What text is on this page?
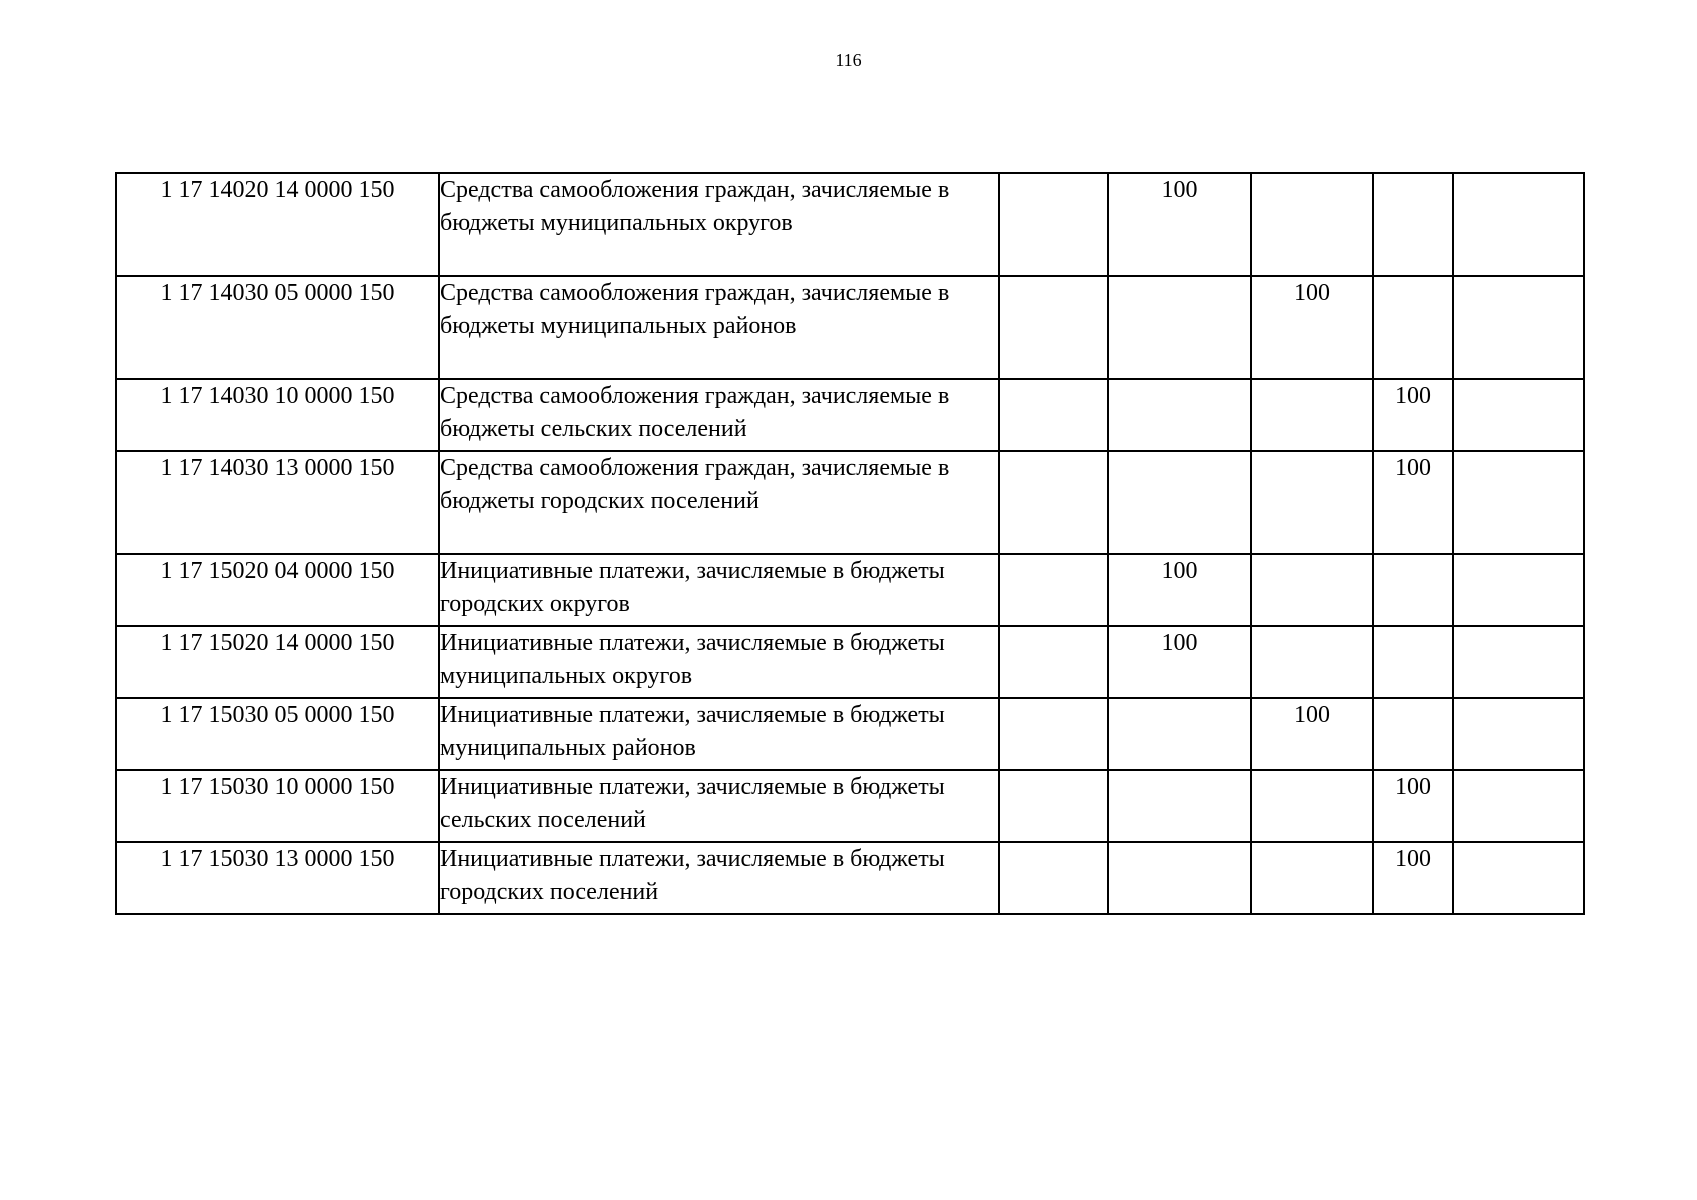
116
1 17 14020 14 0000 150	Средства самообложения граждан, зачисляемые в бюджеты муниципальных округов		100			
1 17 14030 05 0000 150	Средства самообложения граждан, зачисляемые в бюджеты муниципальных районов			100		
1 17 14030 10 0000 150	Средства самообложения граждан, зачисляемые в бюджеты сельских поселений				100	
1 17 14030 13 0000 150	Средства самообложения граждан, зачисляемые в бюджеты городских поселений				100	
1 17 15020 04 0000 150	Инициативные платежи, зачисляемые в бюджеты городских округов		100			
1 17 15020 14 0000 150	Инициативные платежи, зачисляемые в бюджеты муниципальных округов		100			
1 17 15030 05 0000 150	Инициативные платежи, зачисляемые в бюджеты муниципальных районов			100		
1 17 15030 10 0000 150	Инициативные платежи, зачисляемые в бюджеты сельских поселений				100	
1 17 15030 13 0000 150	Инициативные платежи, зачисляемые в бюджеты городских поселений				100	
